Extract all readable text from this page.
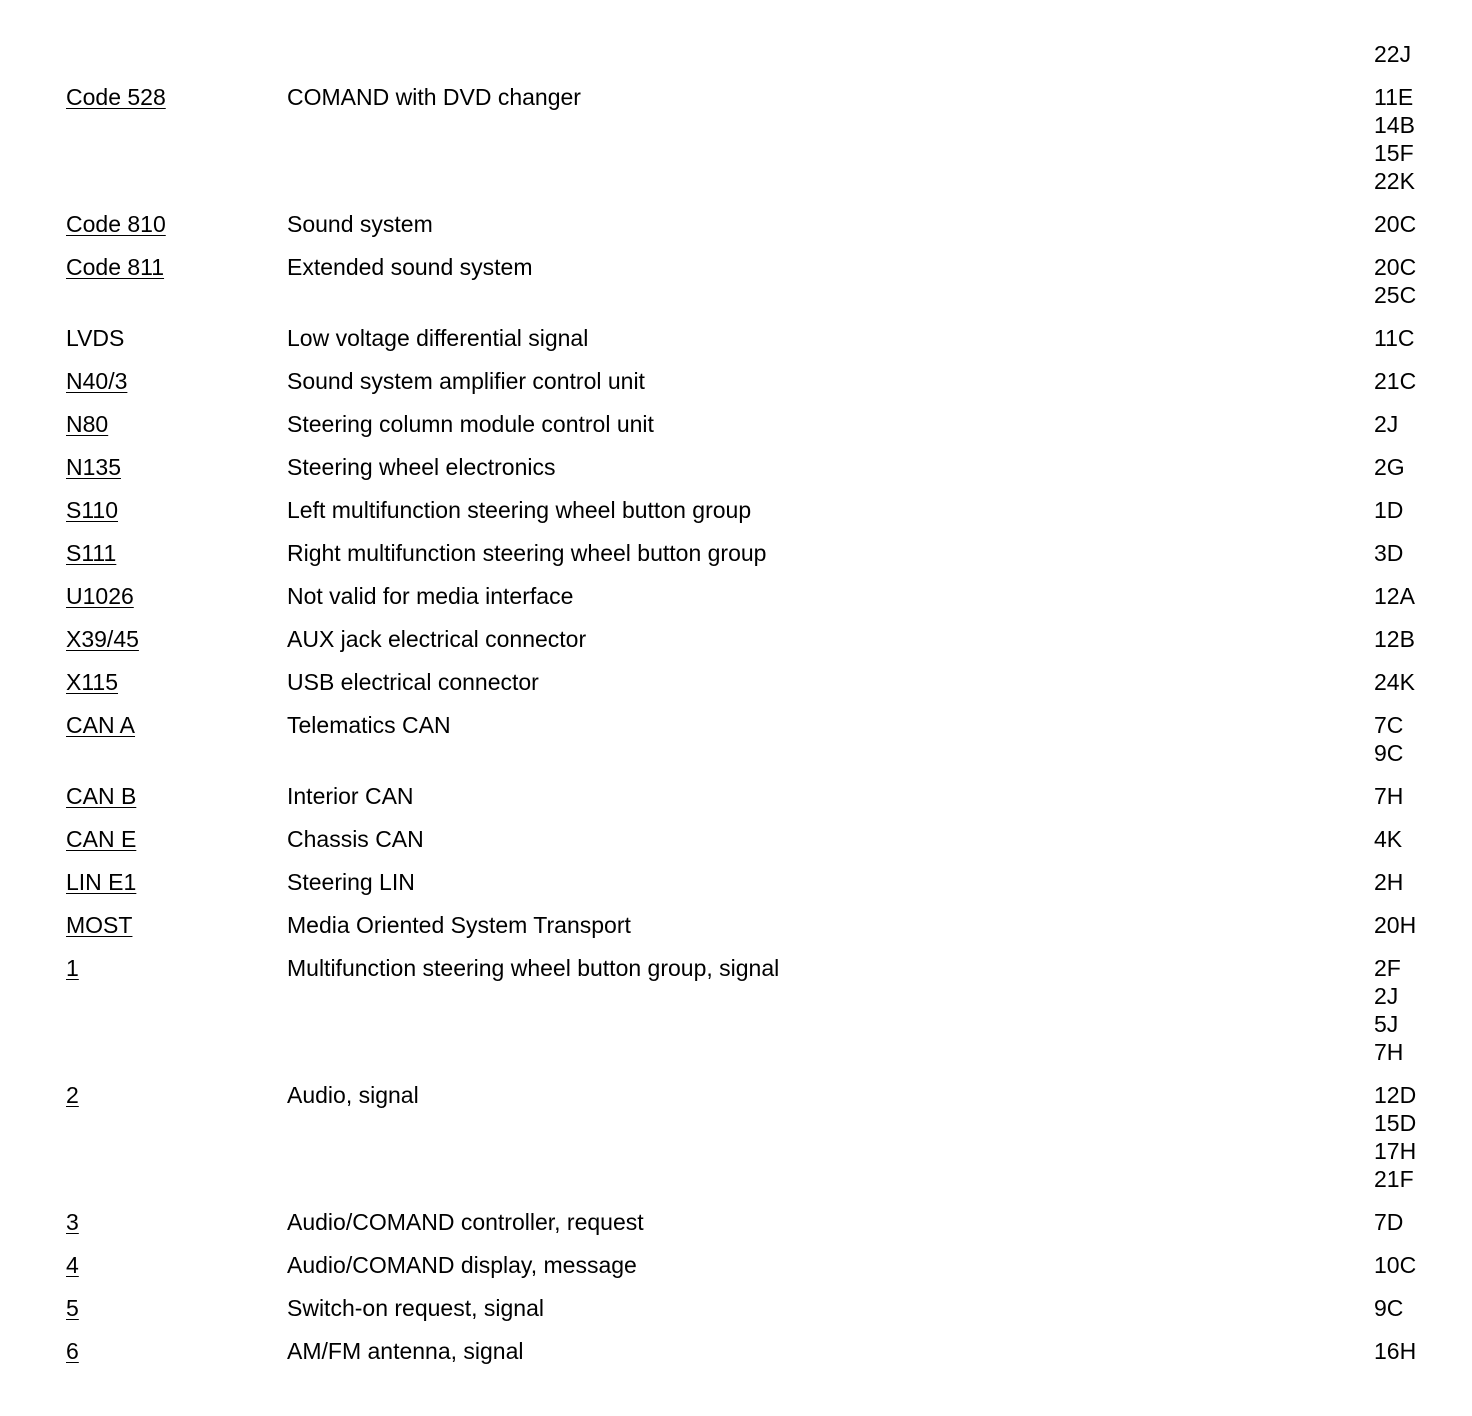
22J
Code 528	COMAND with DVD changer	11E
14B
15F
22K
Code 810	Sound system	20C
Code 811	Extended sound system	20C
25C
LVDS	Low voltage differential signal	11C
N40/3	Sound system amplifier control unit	21C
N80	Steering column module control unit	2J
N135	Steering wheel electronics	2G
S110	Left multifunction steering wheel button group	1D
S111	Right multifunction steering wheel button group	3D
U1026	Not valid for media interface	12A
X39/45	AUX jack electrical connector	12B
X115	USB electrical connector	24K
CAN A	Telematics CAN	7C
9C
CAN B	Interior CAN	7H
CAN E	Chassis CAN	4K
LIN E1	Steering LIN	2H
MOST	Media Oriented System Transport	20H
1	Multifunction steering wheel button group, signal	2F
2J
5J
7H
2	Audio, signal	12D
15D
17H
21F
3	Audio/COMAND controller, request	7D
4	Audio/COMAND display, message	10C
5	Switch-on request, signal	9C
6	AM/FM antenna, signal	16H
